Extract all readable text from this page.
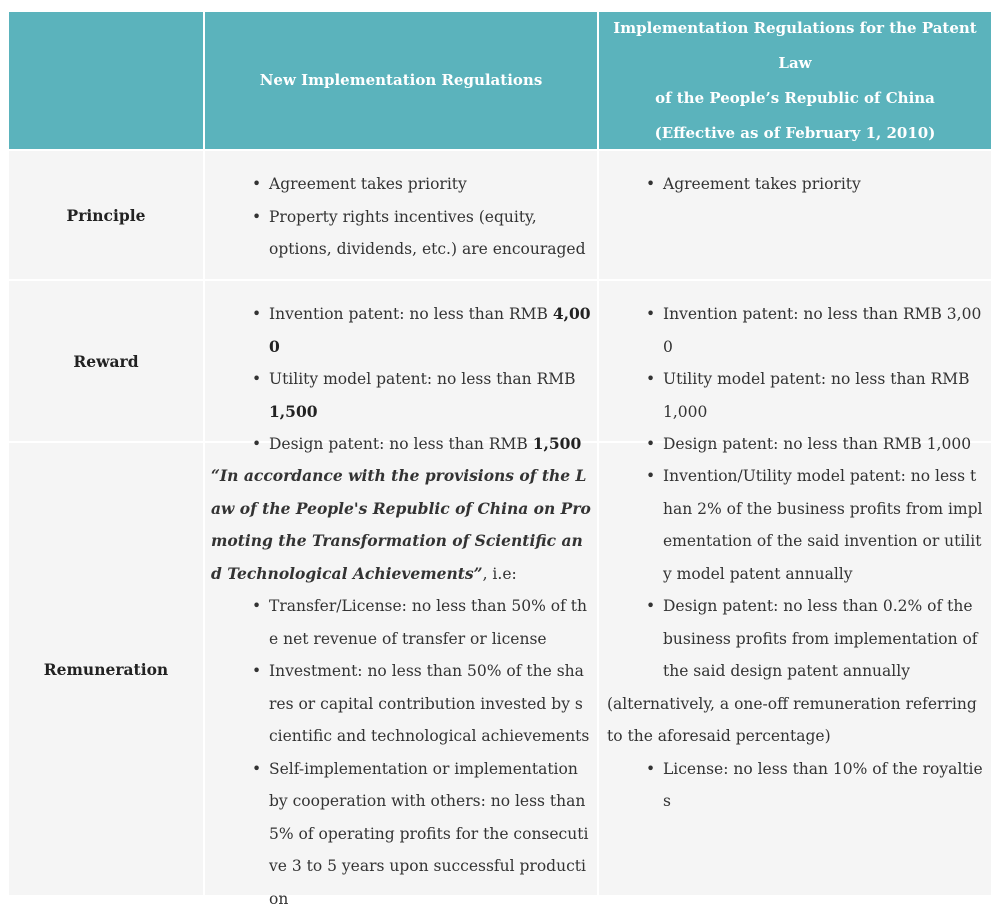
New Implementation Regulations
Implementation Regulations for the Patent Law
of the People’s Republic of China
(Effective as of February 1, 2010)
Principle
• Agreement takes priority
• Property rights incentives (equity, options, dividends, etc.) are encouraged
• Agreement takes priority
Reward
• Invention patent: no less than RMB 4,000
• Utility model patent: no less than RMB 1,500
• Design patent: no less than RMB 1,500
• Invention patent: no less than RMB 3,000
• Utility model patent: no less than RMB 1,000
• Design patent: no less than RMB 1,000
Remuneration
“In accordance with the provisions of the Law of the People's Republic of China on Promoting the Transformation of Scientific and Technological Achievements”, i.e:
• Transfer/License: no less than 50% of the net revenue of transfer or license
• Investment: no less than 50% of the shares or capital contribution invested by scientific and technological achievements
• Self-implementation or implementation by cooperation with others: no less than 5% of operating profits for the consecutive 3 to 5 years upon successful production
• Invention/Utility model patent: no less than 2% of the business profits from implementation of the said invention or utility model patent annually
• Design patent: no less than 0.2% of the business profits from implementation of the said design patent annually
(alternatively, a one-off remuneration referring to the aforesaid percentage)
• License: no less than 10% of the royalties
